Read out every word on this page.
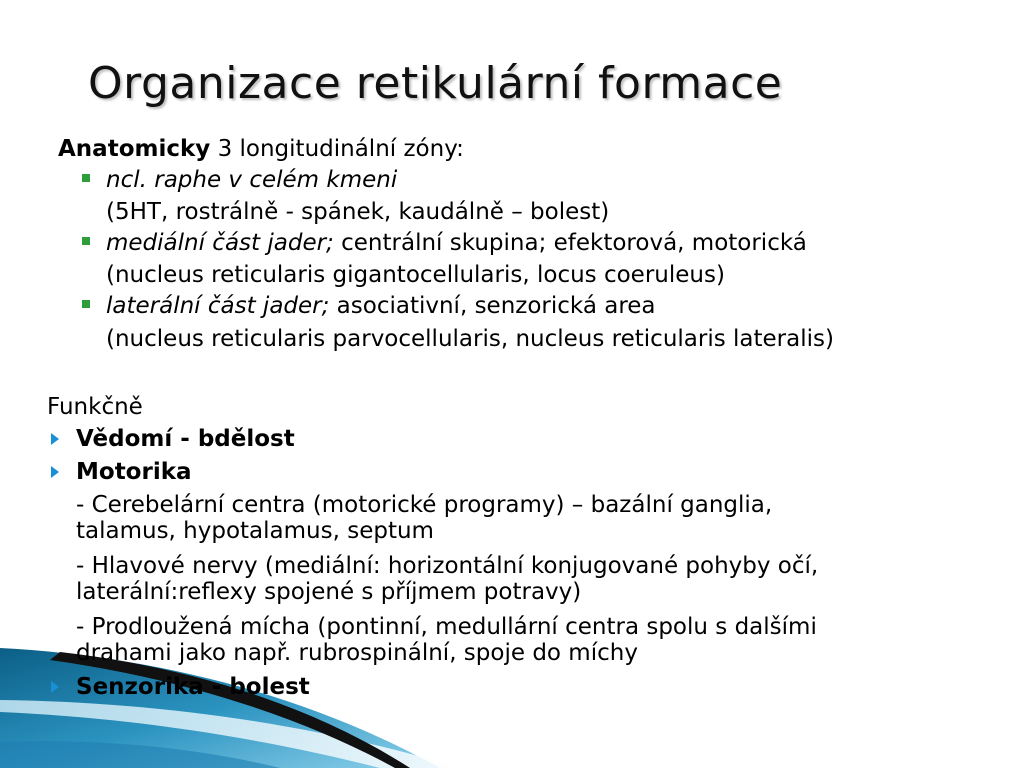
Organizace retikulární formace
Anatomicky 3 longitudinální zóny:
ncl. raphe v celém kmeni
(5HT, rostrálně - spánek, kaudálně – bolest)
mediální část jader; centrální skupina; efektorová, motorická
(nucleus reticularis gigantocellularis, locus coeruleus)
laterální část jader; asociativní, senzorická area
(nucleus reticularis parvocellularis, nucleus reticularis lateralis)
Funkčně
Vědomí - bdělost
Motorika
- Cerebelární centra (motorické programy) – bazální ganglia,
talamus, hypotalamus, septum
- Hlavové nervy (mediální: horizontální konjugované pohyby očí,
laterální:reflexy spojené s příjmem potravy)
- Prodloužená mícha (pontinní, medullární centra spolu s dalšími
drahami jako např. rubrospinální, spoje do míchy
Senzorika - bolest
